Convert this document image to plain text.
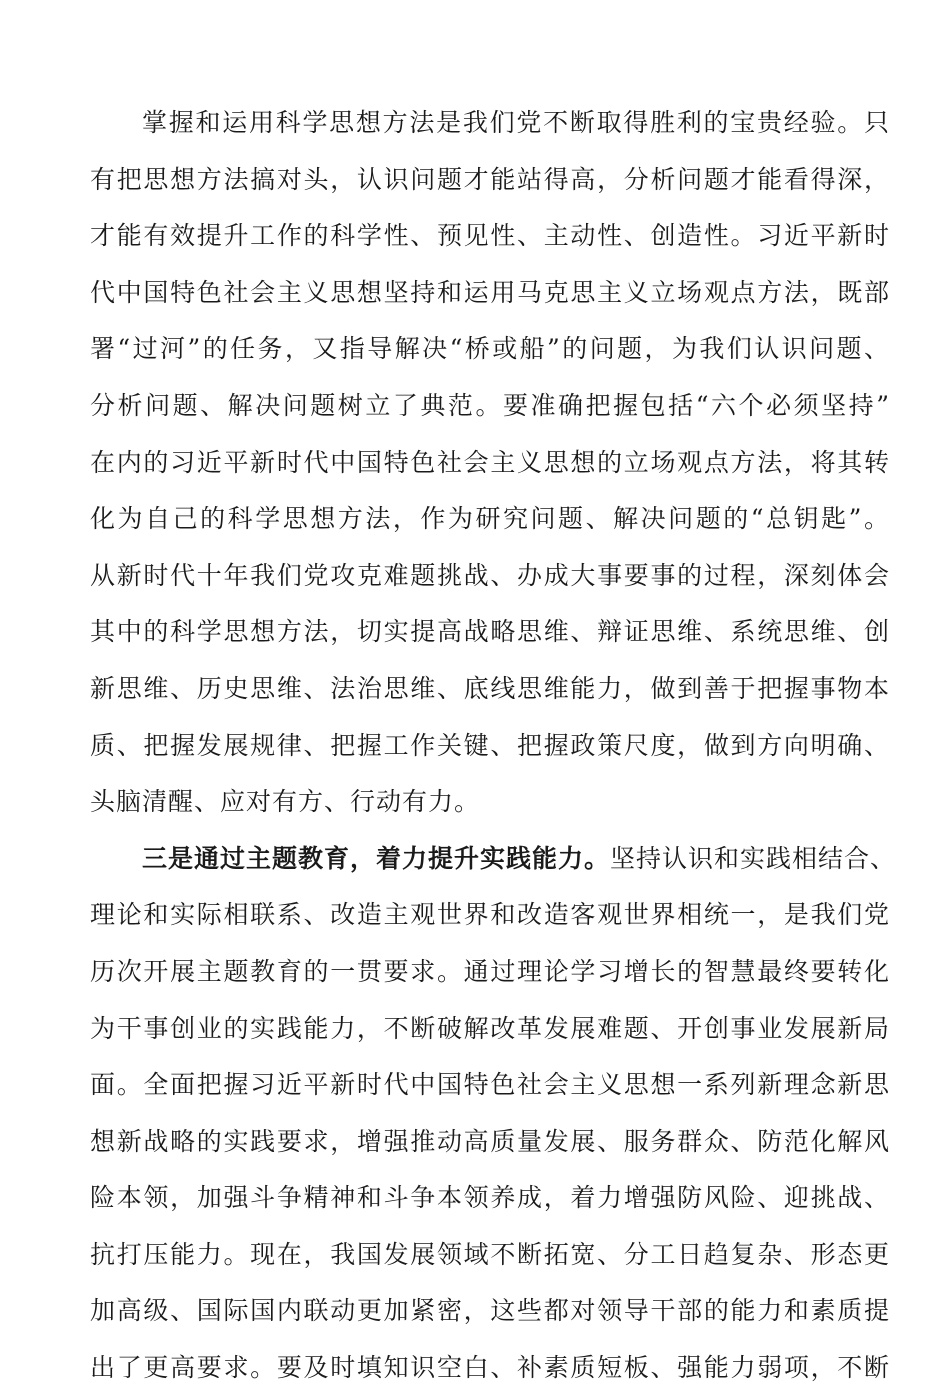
掌握和运用科学思想方法是我们党不断取得胜利的宝贵经验。只
有把思想方法搞对头，认识问题才能站得高，分析问题才能看得深，
才能有效提升工作的科学性、预见性、主动性、创造性。习近平新时
代中国特色社会主义思想坚持和运用马克思主义立场观点方法，既部
署“过河”的任务，又指导解决“桥或船”的问题，为我们认识问题、
分析问题、解决问题树立了典范。要准确把握包括“六个必须坚持”
在内的习近平新时代中国特色社会主义思想的立场观点方法，将其转
化为自己的科学思想方法，作为研究问题、解决问题的“总钥匙”。
从新时代十年我们党攻克难题挑战、办成大事要事的过程，深刻体会
其中的科学思想方法，切实提高战略思维、辩证思维、系统思维、创
新思维、历史思维、法治思维、底线思维能力，做到善于把握事物本
质、把握发展规律、把握工作关键、把握政策尺度，做到方向明确、
头脑清醒、应对有方、行动有力。
三是通过主题教育，着力提升实践能力。坚持认识和实践相结合、
理论和实际相联系、改造主观世界和改造客观世界相统一，是我们党
历次开展主题教育的一贯要求。通过理论学习增长的智慧最终要转化
为干事创业的实践能力，不断破解改革发展难题、开创事业发展新局
面。全面把握习近平新时代中国特色社会主义思想一系列新理念新思
想新战略的实践要求，增强推动高质量发展、服务群众、防范化解风
险本领，加强斗争精神和斗争本领养成，着力增强防风险、迎挑战、
抗打压能力。现在，我国发展领域不断拓宽、分工日趋复杂、形态更
加高级、国际国内联动更加紧密，这些都对领导干部的能力和素质提
出了更高要求。要及时填知识空白、补素质短板、强能力弱项，不断
